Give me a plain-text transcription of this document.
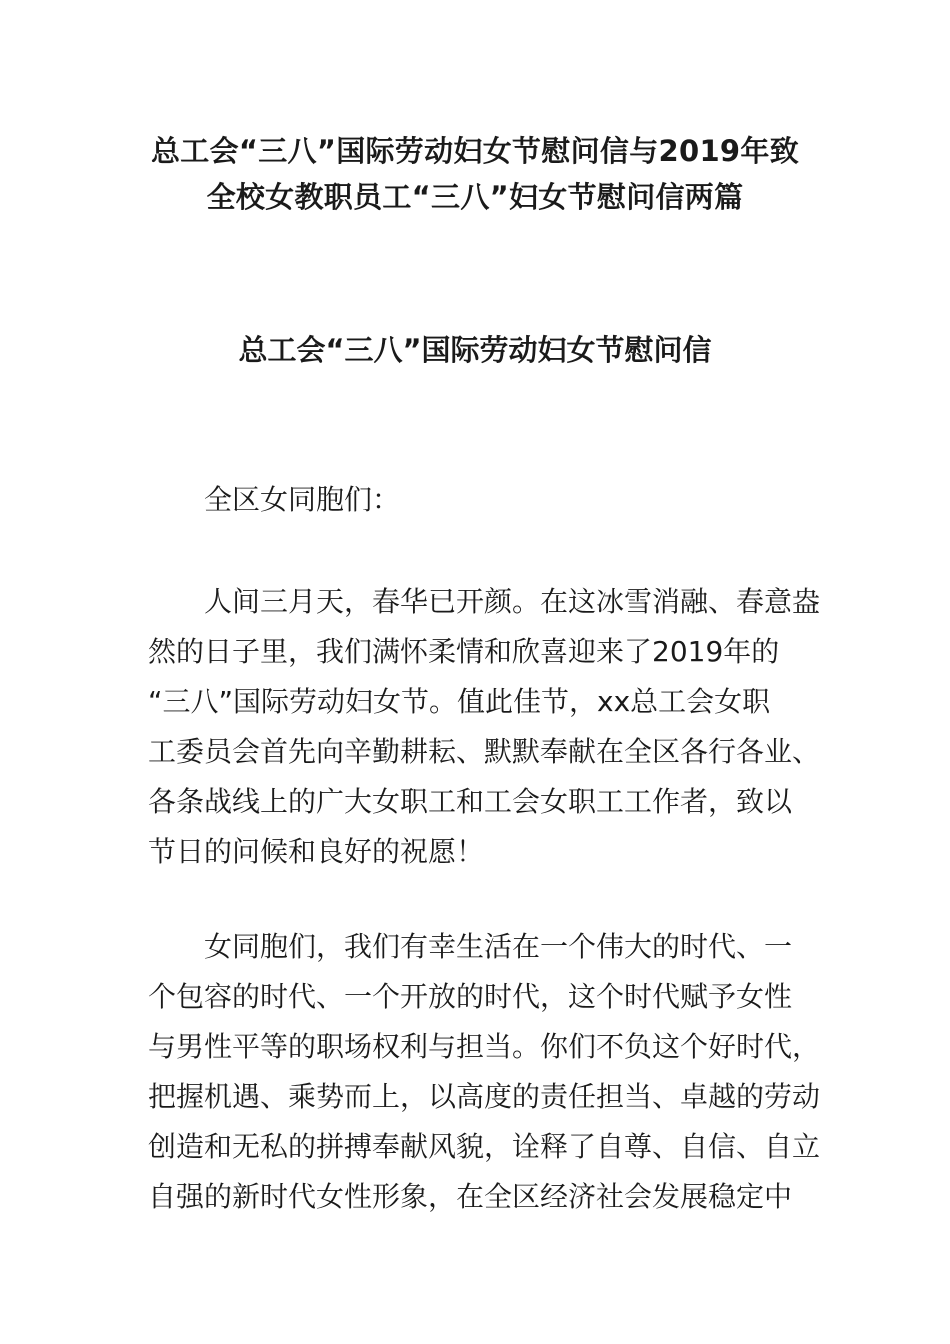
总工会“三八”国际劳动妇女节慰问信与2019年致
全校女教职员工“三八”妇女节慰问信两篇
总工会“三八”国际劳动妇女节慰问信
全区女同胞们：
人间三月天，春华已开颜。在这冰雪消融、春意盎
然的日子里，我们满怀柔情和欣喜迎来了2019年的
“三八”国际劳动妇女节。值此佳节，xx总工会女职
工委员会首先向辛勤耕耘、默默奉献在全区各行各业、
各条战线上的广大女职工和工会女职工工作者，致以
节日的问候和良好的祝愿！
女同胞们，我们有幸生活在一个伟大的时代、一
个包容的时代、一个开放的时代，这个时代赋予女性
与男性平等的职场权利与担当。你们不负这个好时代，
把握机遇、乘势而上，以高度的责任担当、卓越的劳动
创造和无私的拼搏奉献风貌，诠释了自尊、自信、自立
自强的新时代女性形象，在全区经济社会发展稳定中
